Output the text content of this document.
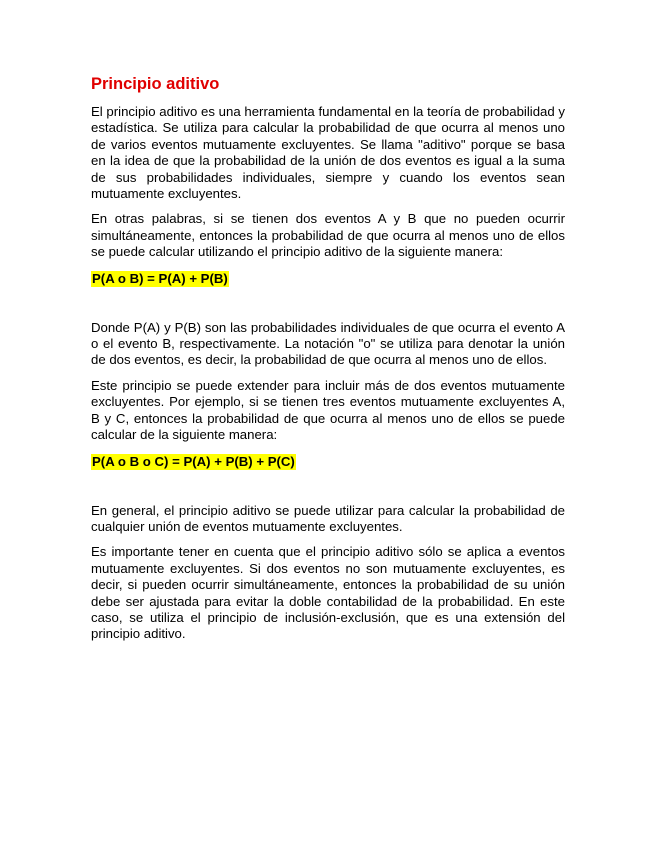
Principio aditivo

El principio aditivo es una herramienta fundamental en la teoría de probabilidad y estadística. Se utiliza para calcular la probabilidad de que ocurra al menos uno de varios eventos mutuamente excluyentes. Se llama "aditivo" porque se basa en la idea de que la probabilidad de la unión de dos eventos es igual a la suma de sus probabilidades individuales, siempre y cuando los eventos sean mutuamente excluyentes.

En otras palabras, si se tienen dos eventos A y B que no pueden ocurrir simultáneamente, entonces la probabilidad de que ocurra al menos uno de ellos se puede calcular utilizando el principio aditivo de la siguiente manera:

P(A o B) = P(A) + P(B)

Donde P(A) y P(B) son las probabilidades individuales de que ocurra el evento A o el evento B, respectivamente. La notación "o" se utiliza para denotar la unión de dos eventos, es decir, la probabilidad de que ocurra al menos uno de ellos.

Este principio se puede extender para incluir más de dos eventos mutuamente excluyentes. Por ejemplo, si se tienen tres eventos mutuamente excluyentes A, B y C, entonces la probabilidad de que ocurra al menos uno de ellos se puede calcular de la siguiente manera:

P(A o B o C) = P(A) + P(B) + P(C)

En general, el principio aditivo se puede utilizar para calcular la probabilidad de cualquier unión de eventos mutuamente excluyentes.

Es importante tener en cuenta que el principio aditivo sólo se aplica a eventos mutuamente excluyentes. Si dos eventos no son mutuamente excluyentes, es decir, si pueden ocurrir simultáneamente, entonces la probabilidad de su unión debe ser ajustada para evitar la doble contabilidad de la probabilidad. En este caso, se utiliza el principio de inclusión-exclusión, que es una extensión del principio aditivo.
